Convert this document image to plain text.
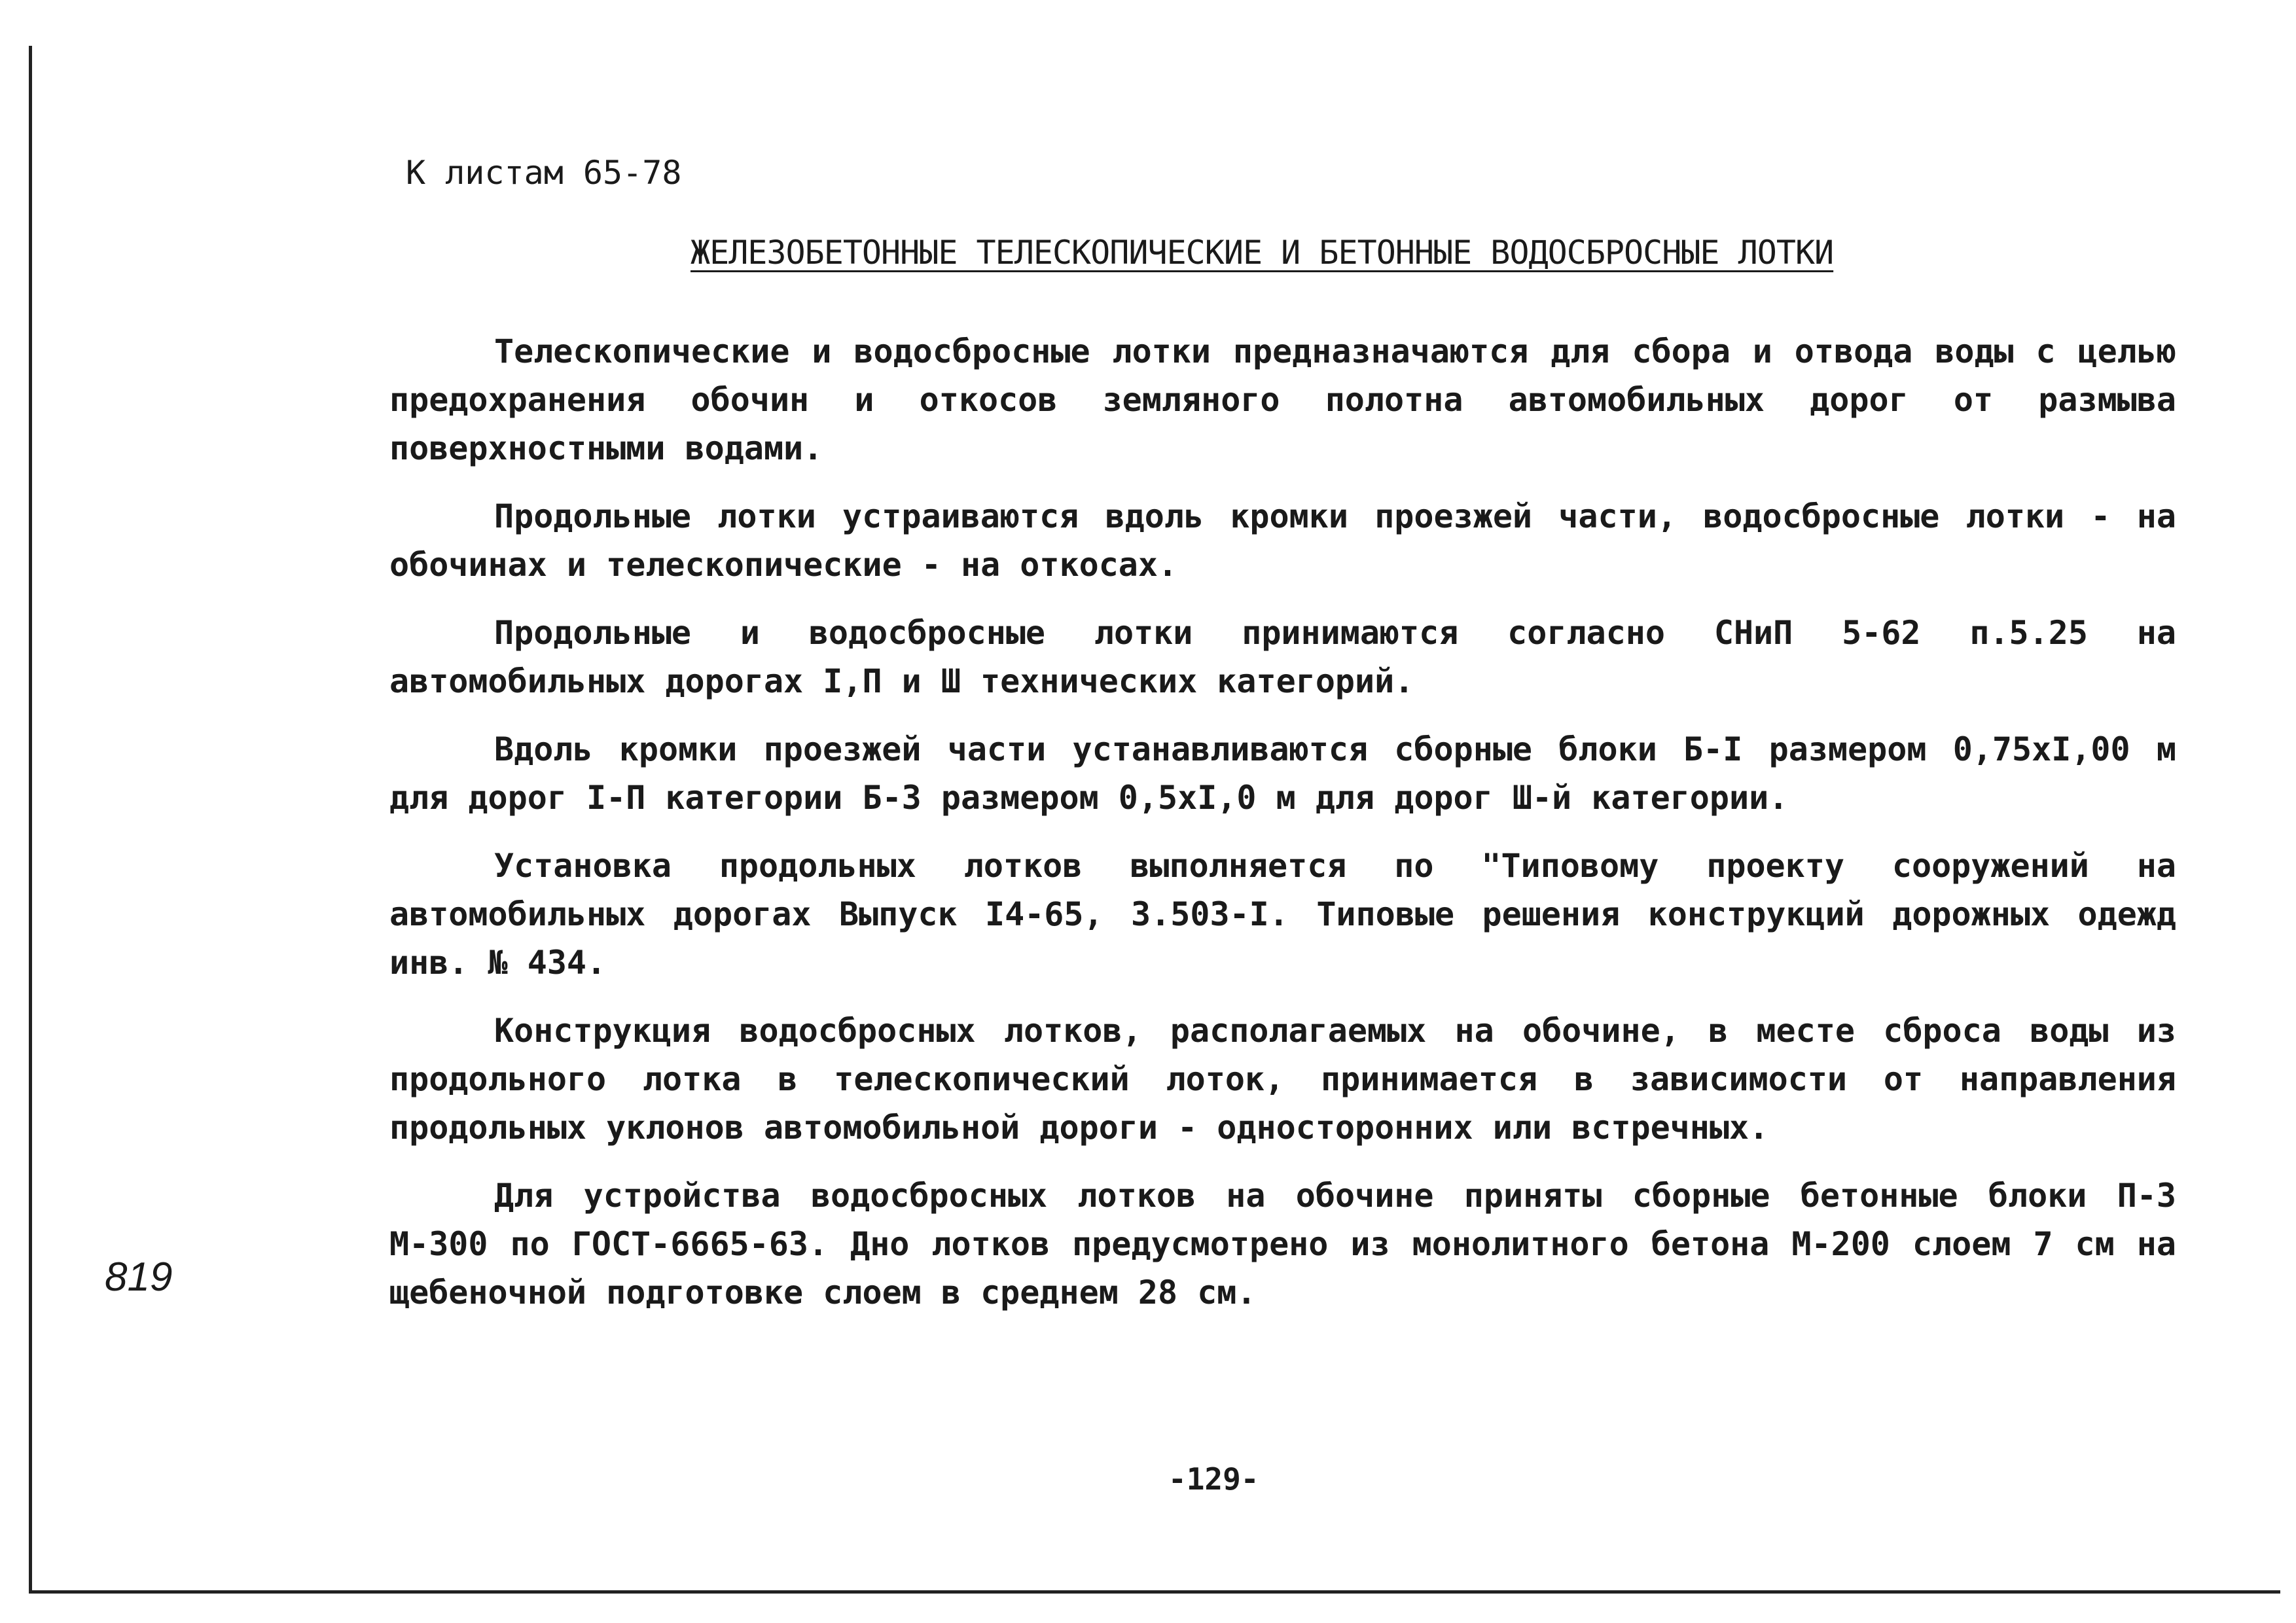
К листам 65-78
ЖЕЛЕЗОБЕТОННЫЕ ТЕЛЕСКОПИЧЕСКИЕ И БЕТОННЫЕ ВОДОСБРОСНЫЕ ЛОТКИ

Телескопические и водосбросные лотки предназначаются для сбора и отвода воды с целью предохранения обочин и откосов земляного полотна автомобильных дорог от размыва поверхностными водами.

Продольные лотки устраиваются вдоль кромки проезжей части, водосбросные лотки - на обочинах и телескопические - на откосах.

Продольные и водосбросные лотки принимаются согласно СНиП 5-62 п.5.25 на автомобильных дорогах I,П и Ш технических категорий.

Вдоль кромки проезжей части устанавливаются сборные блоки Б-I размером 0,75хI,00 м для дорог I-П категории Б-3 размером 0,5хI,0 м для дорог Ш-й категории.

Установка продольных лотков выполняется по "Типовому проекту сооружений на автомобильных дорогах Выпуск I4-65, 3.503-I. Типовые решения конструкций дорожных одежд инв. № 434.

Конструкция водосбросных лотков, располагаемых на обочине, в месте сброса воды из продольного лотка в телескопический лоток, принимается в зависимости от направления продольных уклонов автомобильной дороги - односторонних или встречных.

Для устройства водосбросных лотков на обочине приняты сборные бетонные блоки П-3 М-300 по ГОСТ-6665-63. Дно лотков предусмотрено из монолитного бетона М-200 слоем 7 см на щебеночной подготовке слоем в среднем 28 см.

819
-129-
